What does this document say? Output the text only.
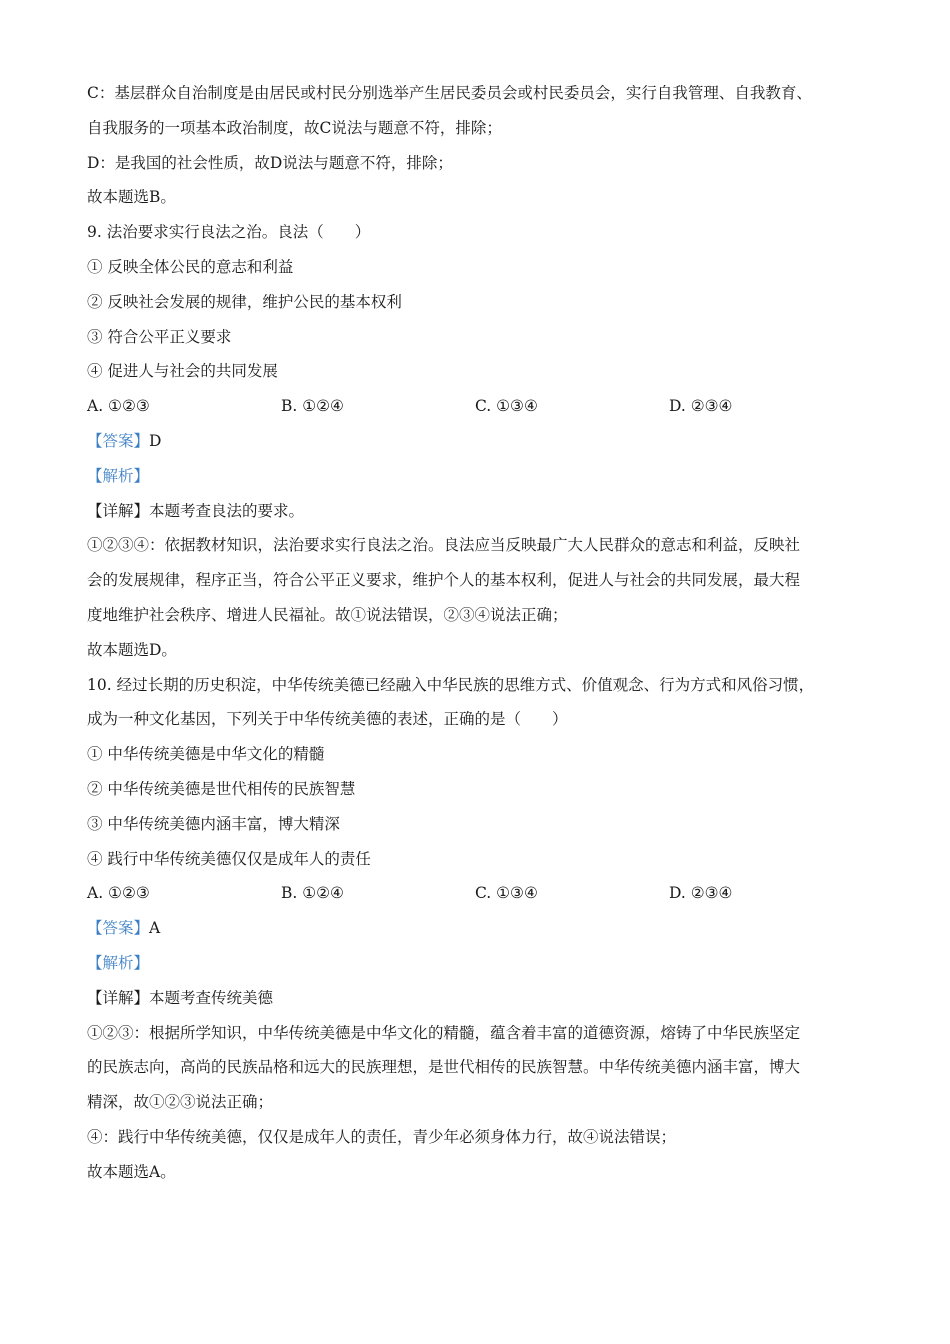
C：基层群众自治制度是由居民或村民分别选举产生居民委员会或村民委员会，实行自我管理、自我教育、
自我服务的一项基本政治制度，故C说法与题意不符，排除；
D：是我国的社会性质，故D说法与题意不符，排除；
故本题选B。
9. 法治要求实行良法之治。良法（　　）
① 反映全体公民的意志和利益
② 反映社会发展的规律，维护公民的基本权利
③ 符合公平正义要求
④ 促进人与社会的共同发展
A. ①②③	B. ①②④	C. ①③④	D. ②③④
【答案】D
【解析】
【详解】本题考查良法的要求。
①②③④：依据教材知识，法治要求实行良法之治。良法应当反映最广大人民群众的意志和利益，反映社
会的发展规律，程序正当，符合公平正义要求，维护个人的基本权利，促进人与社会的共同发展，最大程
度地维护社会秩序、增进人民福祉。故①说法错误，②③④说法正确；
故本题选D。
10. 经过长期的历史积淀，中华传统美德已经融入中华民族的思维方式、价值观念、行为方式和风俗习惯，
成为一种文化基因，下列关于中华传统美德的表述，正确的是（　　）
① 中华传统美德是中华文化的精髓
② 中华传统美德是世代相传的民族智慧
③ 中华传统美德内涵丰富，博大精深
④ 践行中华传统美德仅仅是成年人的责任
A. ①②③	B. ①②④	C. ①③④	D. ②③④
【答案】A
【解析】
【详解】本题考查传统美德
①②③：根据所学知识，中华传统美德是中华文化的精髓，蕴含着丰富的道德资源，熔铸了中华民族坚定
的民族志向，高尚的民族品格和远大的民族理想，是世代相传的民族智慧。中华传统美德内涵丰富，博大
精深，故①②③说法正确；
④：践行中华传统美德，仅仅是成年人的责任，青少年必须身体力行，故④说法错误；
故本题选A。
